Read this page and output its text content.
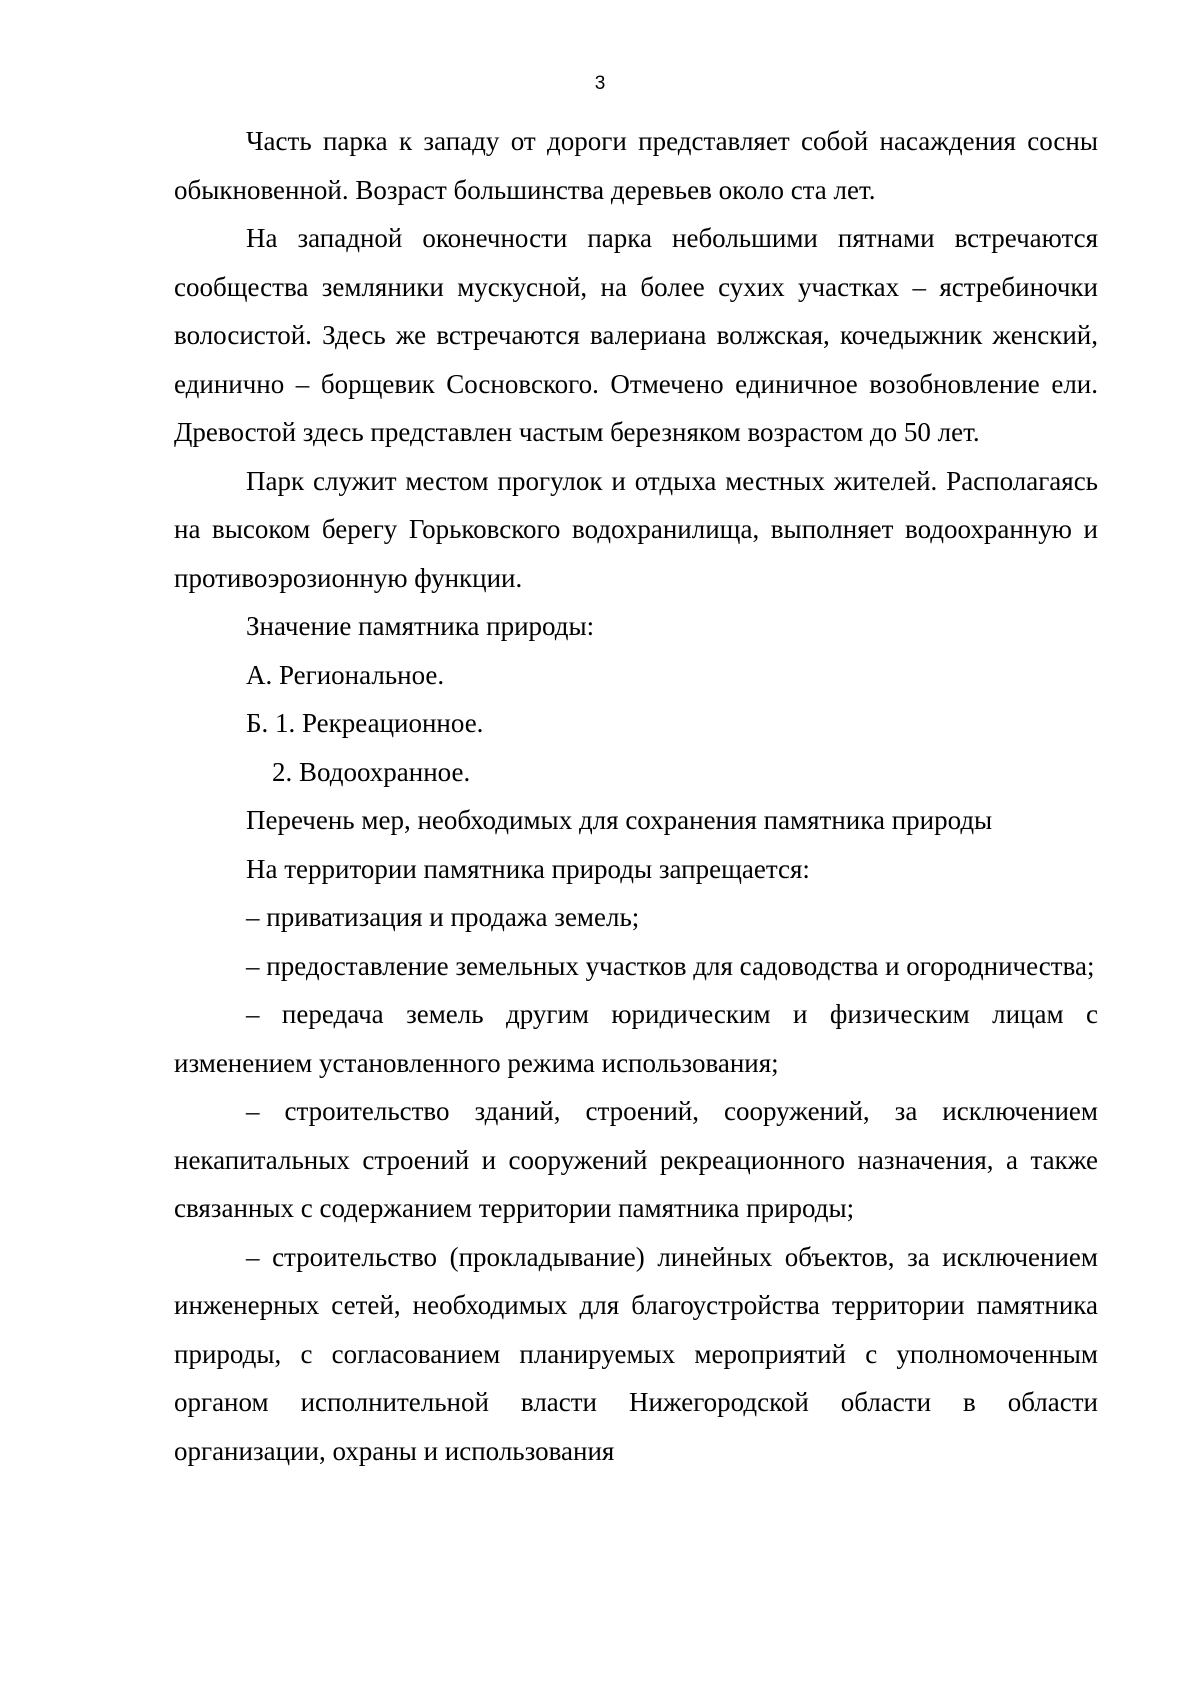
3

Часть парка к западу от дороги представляет собой насаждения сосны обыкновенной. Возраст большинства деревьев около ста лет.

На западной оконечности парка небольшими пятнами встречаются сообщества земляники мускусной, на более сухих участках – ястребиночки волосистой. Здесь же встречаются валериана волжская, кочедыжник женский, единично – борщевик Сосновского. Отмечено единичное возобновление ели. Древостой здесь представлен частым березняком возрастом до 50 лет.

Парк служит местом прогулок и отдыха местных жителей. Располагаясь на высоком берегу Горьковского водохранилища, выполняет водоохранную и противоэрозионную функции.

Значение памятника природы:

А. Региональное.

Б. 1. Рекреационное.

2. Водоохранное.

Перечень мер, необходимых для сохранения памятника природы

На территории памятника природы запрещается:

– приватизация и продажа земель;

– предоставление земельных участков для садоводства и огородничества;

– передача земель другим юридическим и физическим лицам с изменением установленного режима использования;

– строительство зданий, строений, сооружений, за исключением некапитальных строений и сооружений рекреационного назначения, а также связанных с содержанием территории памятника природы;

– строительство (прокладывание) линейных объектов, за исключением инженерных сетей, необходимых для благоустройства территории памятника природы, с согласованием планируемых мероприятий с уполномоченным органом исполнительной власти Нижегородской области в области организации, охраны и использования
